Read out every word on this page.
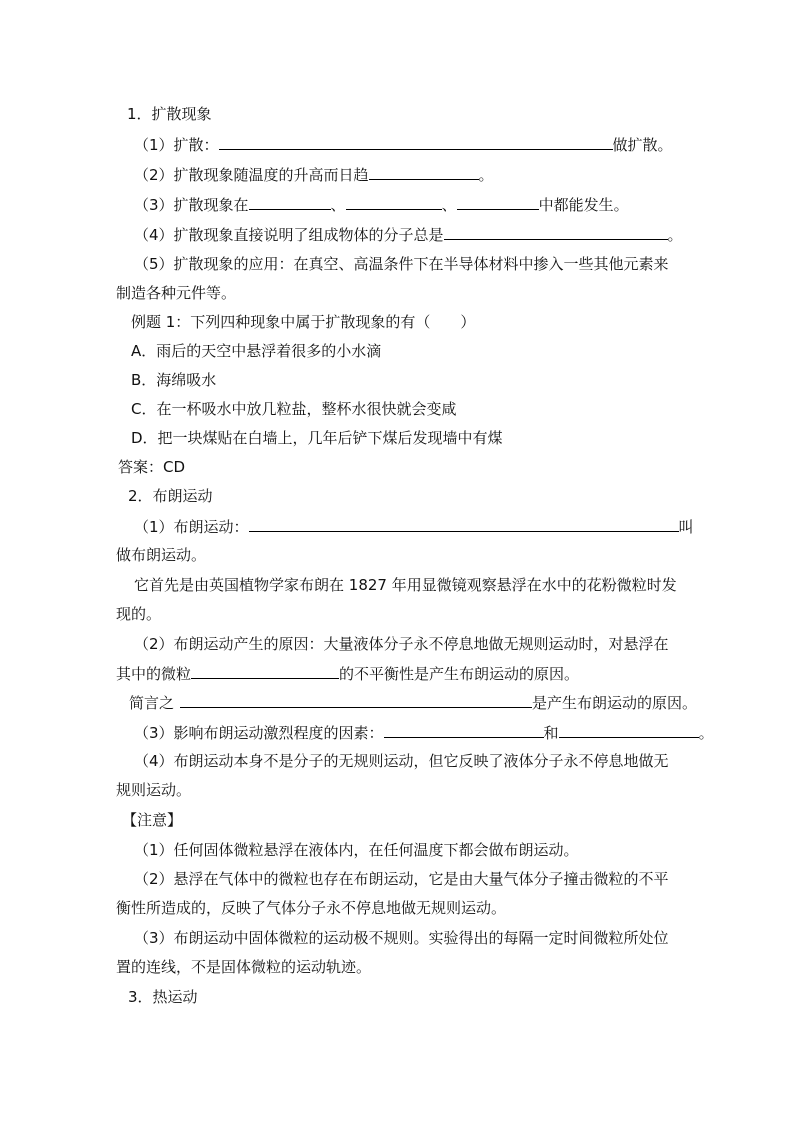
1．扩散现象
（1）扩散：	做扩散。
（2）扩散现象随温度的升高而日趋	。
（3）扩散现象在	、	、	中都能发生。
（4）扩散现象直接说明了组成物体的分子总是	。
（5）扩散现象的应用：在真空、高温条件下在半导体材料中掺入一些其他元素来
制造各种元件等。
例题 1：下列四种现象中属于扩散现象的有（　　）
A．雨后的天空中悬浮着很多的小水滴
B．海绵吸水
C．在一杯吸水中放几粒盐，整杯水很快就会变咸
D．把一块煤贴在白墙上，几年后铲下煤后发现墙中有煤
答案：CD
2．布朗运动
（1）布朗运动：	叫
做布朗运动。
它首先是由英国植物学家布朗在 1827 年用显微镜观察悬浮在水中的花粉微粒时发
现的。
（2）布朗运动产生的原因：大量液体分子永不停息地做无规则运动时，对悬浮在
其中的微粒	的不平衡性是产生布朗运动的原因。
简言之	是产生布朗运动的原因。
（3）影响布朗运动激烈程度的因素：	和	。
（4）布朗运动本身不是分子的无规则运动，但它反映了液体分子永不停息地做无
规则运动。
【注意】
（1）任何固体微粒悬浮在液体内，在任何温度下都会做布朗运动。
（2）悬浮在气体中的微粒也存在布朗运动，它是由大量气体分子撞击微粒的不平
衡性所造成的，反映了气体分子永不停息地做无规则运动。
（3）布朗运动中固体微粒的运动极不规则。实验得出的每隔一定时间微粒所处位
置的连线，不是固体微粒的运动轨迹。
3．热运动
